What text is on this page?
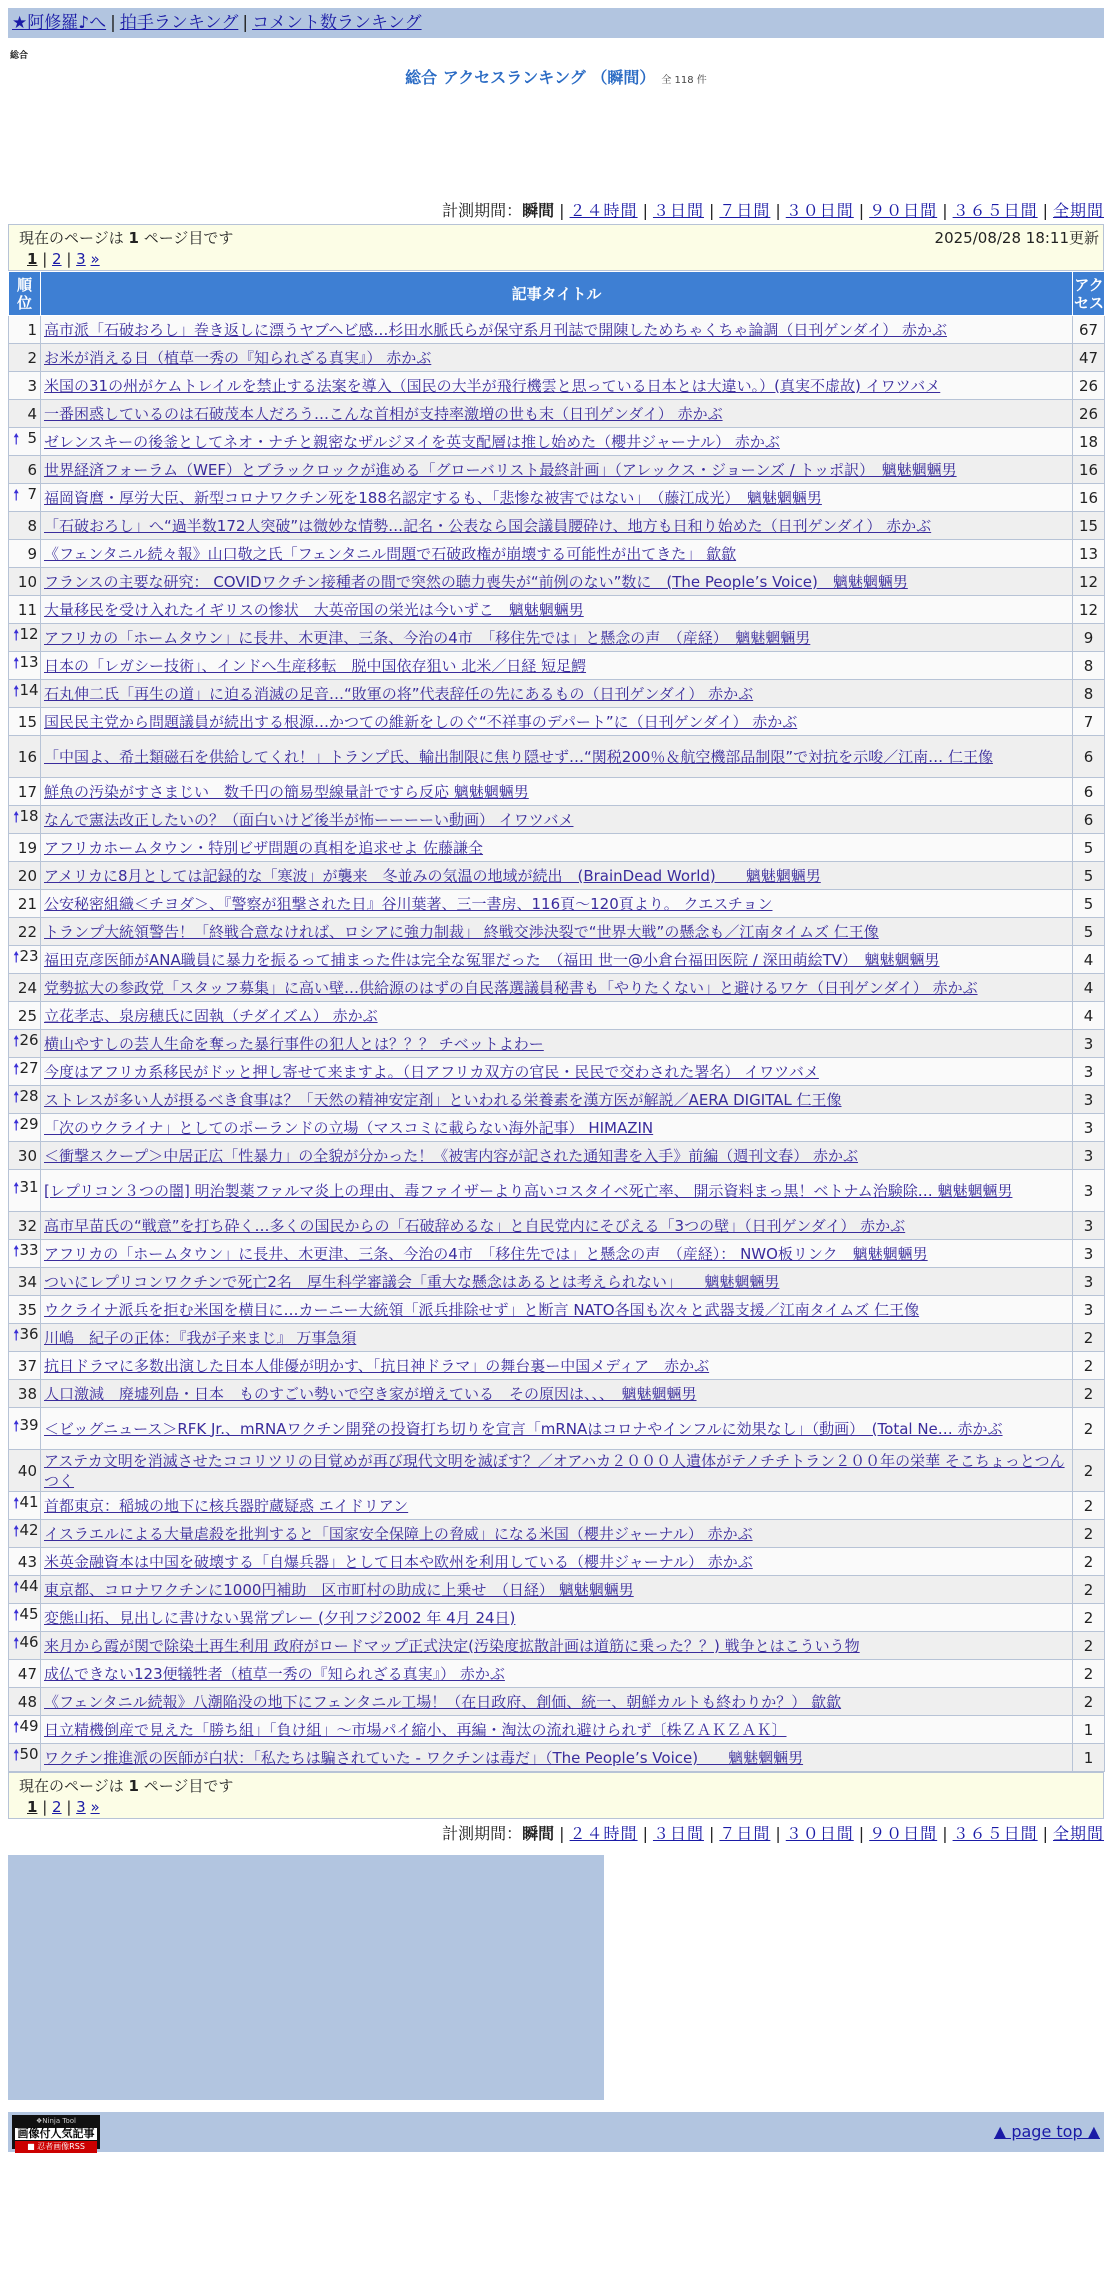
★阿修羅♪へ | 拍手ランキング | コメント数ランキング
総合
総合 アクセスランキング （瞬間） 全 118 件
計測期間：瞬間 | ２４時間 | ３日間 | ７日間 | ３０日間 | ９０日間 | ３６５日間 | 全期間
現在のページは 1 ページ目です	2025/08/28 18:11更新
1 | 2 | 3 »
順位	記事タイトル	アクセス
1	高市派「石破おろし」巻き返しに漂うヤブヘビ感…杉田水脈氏らが保守系月刊誌で開陳しためちゃくちゃ論調（日刊ゲンダイ） 赤かぶ	67
2	お米が消える日（植草一秀の『知られざる真実』） 赤かぶ	47
3	米国の31の州がケムトレイルを禁止する法案を導入（国民の大半が飛行機雲と思っている日本とは大違い。）(真実不虚故) イワツバメ	26
4	一番困惑しているのは石破茂本人だろう…こんな首相が支持率激増の世も末（日刊ゲンダイ） 赤かぶ	26

🠕 5	ゼレンスキーの後釜としてネオ・ナチと親密なザルジヌイを英支配層は推し始めた（櫻井ジャーナル） 赤かぶ	18
6	世界経済フォーラム（WEF）とブラックロックが進める「グローバリスト最終計画」（アレックス・ジョーンズ / トッポ訳）　魑魅魍魎男	16

🠕 7	福岡資麿・厚労大臣、新型コロナワクチン死を188名認定するも、「悲惨な被害ではない」　（藤江成光）　魑魅魍魎男	16
8	「石破おろし」へ“過半数172人突破”は微妙な情勢…記名・公表なら国会議員腰砕け、地方も日和り始めた（日刊ゲンダイ） 赤かぶ	15
9	《フェンタニル続々報》山口敬之氏「フェンタニル問題で石破政権が崩壊する可能性が出てきた」 歙歙	13
10	フランスの主要な研究： COVIDワクチン接種者の間で突然の聴力喪失が“前例のない”数に　(The People’s Voice)　魑魅魍魎男	12
11	大量移民を受け入れたイギリスの惨状　大英帝国の栄光は今いずこ　魑魅魍魎男	12

🠕 12	アフリカの「ホームタウン」に長井、木更津、三条、今治の4市　「移住先では」と懸念の声　（産経）　魑魅魍魎男	9

🠕 13	日本の「レガシー技術」、インドへ生産移転　脱中国依存狙い 北米／日経 短足鰐	8

🠕 14	石丸伸二氏「再生の道」に迫る消滅の足音…“敗軍の将”代表辞任の先にあるもの（日刊ゲンダイ） 赤かぶ	8
15	国民民主党から問題議員が続出する根源…かつての維新をしのぐ“不祥事のデパート”に（日刊ゲンダイ） 赤かぶ	7
16	「中国よ、希土類磁石を供給してくれ！」トランプ氏、輸出制限に焦り隠せず…“関税200％＆航空機部品制限”で対抗を示唆／江南… 仁王像	6
17	鮮魚の汚染がすさまじい　数千円の簡易型線量計ですら反応 魑魅魍魎男	6

🠕 18	なんで憲法改正したいの？（面白いけど後半が怖ーーーーい動画） イワツバメ	6
19	アフリカホームタウン・特別ビザ問題の真相を追求せよ 佐藤謙全	5
20	アメリカに8月としては記録的な「寒波」が襲来　冬並みの気温の地域が続出　(BrainDead World)　　魑魅魍魎男	5
21	公安秘密組織＜チヨダ＞、『警察が狙撃された日』谷川葉著、三一書房、116頁〜120頁より。 クエスチョン	5
22	トランプ大統領警告！「終戦合意なければ、ロシアに強力制裁」 終戦交渉決裂で“世界大戦”の懸念も／江南タイムズ 仁王像	5

🠕 23	福田克彦医師がANA職員に暴力を振るって捕まった件は完全な冤罪だった　（福田 世一@小倉台福田医院 / 深田萌絵TV）　魑魅魍魎男	4
24	党勢拡大の参政党「スタッフ募集」に高い壁…供給源のはずの自民落選議員秘書も「やりたくない」と避けるワケ（日刊ゲンダイ） 赤かぶ	4
25	立花孝志、泉房穂氏に固執（チダイズム） 赤かぶ	4

🠕 26	横山やすしの芸人生命を奪った暴行事件の犯人とは？？？ チベットよわー	3

🠕 27	今度はアフリカ系移民がドッと押し寄せて来ますよ。（日アフリカ双方の官民・民民で交わされた署名） イワツバメ	3

🠕 28	ストレスが多い人が摂るべき食事は？「天然の精神安定剤」といわれる栄養素を漢方医が解説／AERA DIGITAL 仁王像	3

🠕 29	「次のウクライナ」としてのポーランドの立場（マスコミに載らない海外記事） HIMAZIN	3
30	＜衝撃スクープ＞中居正広「性暴力」の全貌が分かった！《被害内容が記された通知書を入手》前編（週刊文春） 赤かぶ	3

🠕 31	[レプリコン３つの闇] 明治製薬ファルマ炎上の理由、毒ファイザーより高いコスタイベ死亡率、 開示資料まっ黒！ベトナム治験除… 魑魅魍魎男	3
32	高市早苗氏の“戦意”を打ち砕く…多くの国民からの「石破辞めるな」と自民党内にそびえる「3つの壁」（日刊ゲンダイ） 赤かぶ	3

🠕 33	アフリカの「ホームタウン」に長井、木更津、三条、今治の4市　「移住先では」と懸念の声　（産経）： NWO板リンク　魑魅魍魎男	3
34	ついにレプリコンワクチンで死亡2名　厚生科学審議会「重大な懸念はあるとは考えられない」　　魑魅魍魎男	3
35	ウクライナ派兵を拒む米国を横目に…カーニー大統領「派兵排除せず」と断言 NATO各国も次々と武器支援／江南タイムズ 仁王像	3

🠕 36	川嶋　紀子の正体：『我が子来まじ』 万事急須	2
37	抗日ドラマに多数出演した日本人俳優が明かす、「抗日神ドラマ」の舞台裏ー中国メディア　赤かぶ	2
38	人口激減　廃墟列島・日本　ものすごい勢いで空き家が増えている　その原因は、、、　魑魅魍魎男	2

🠕 39	＜ビッグニュース＞RFK Jr.、mRNAワクチン開発の投資打ち切りを宣言「mRNAはコロナやインフルに効果なし」（動画）　(Total Ne… 赤かぶ	2
40	アステカ文明を消滅させたココリツリの目覚めが再び現代文明を滅ぼす？／オアハカ２０００人遺体がテノチチトラン２００年の栄華 そこちょっとつんつく	2

🠕 41	首都東京：稲城の地下に核兵器貯蔵疑惑 エイドリアン	2

🠕 42	イスラエルによる大量虐殺を批判すると「国家安全保障上の脅威」になる米国（櫻井ジャーナル） 赤かぶ	2
43	米英金融資本は中国を破壊する「自爆兵器」として日本や欧州を利用している（櫻井ジャーナル） 赤かぶ	2

🠕 44	東京都、コロナワクチンに1000円補助　区市町村の助成に上乗せ　（日経） 魑魅魍魎男	2

🠕 45	変態山拓、見出しに書けない異常プレー (夕刊フジ2002 年 4月 24日)	2

🠕 46	来月から霞が関で除染土再生利用 政府がロードマップ正式決定(汚染度拡散計画は道筋に乗った？？) 戦争とはこういう物	2
47	成仏できない123便犠牲者（植草一秀の『知られざる真実』） 赤かぶ	2
48	《フェンタニル続報》八潮陥没の地下にフェンタニル工場！（在日政府、創価、統一、朝鮮カルトも終わりか？） 歙歙	2

🠕 49	日立精機倒産で見えた「勝ち組」「負け組」～市場パイ縮小、再編・淘汰の流れ避けられず〔株ＺＡＫＺＡＫ〕	1

🠕 50	ワクチン推進派の医師が白状：「私たちは騙されていた - ワクチンは毒だ」（The People’s Voice)　　魑魅魍魎男	1
現在のページは 1 ページ目です
1 | 2 | 3 »
計測期間：瞬間 | ２４時間 | ３日間 | ７日間 | ３０日間 | ９０日間 | ３６５日間 | 全期間
❖Ninja Tool
画像付人気記事
■ 忍者画像RSS
▲ page top ▲
